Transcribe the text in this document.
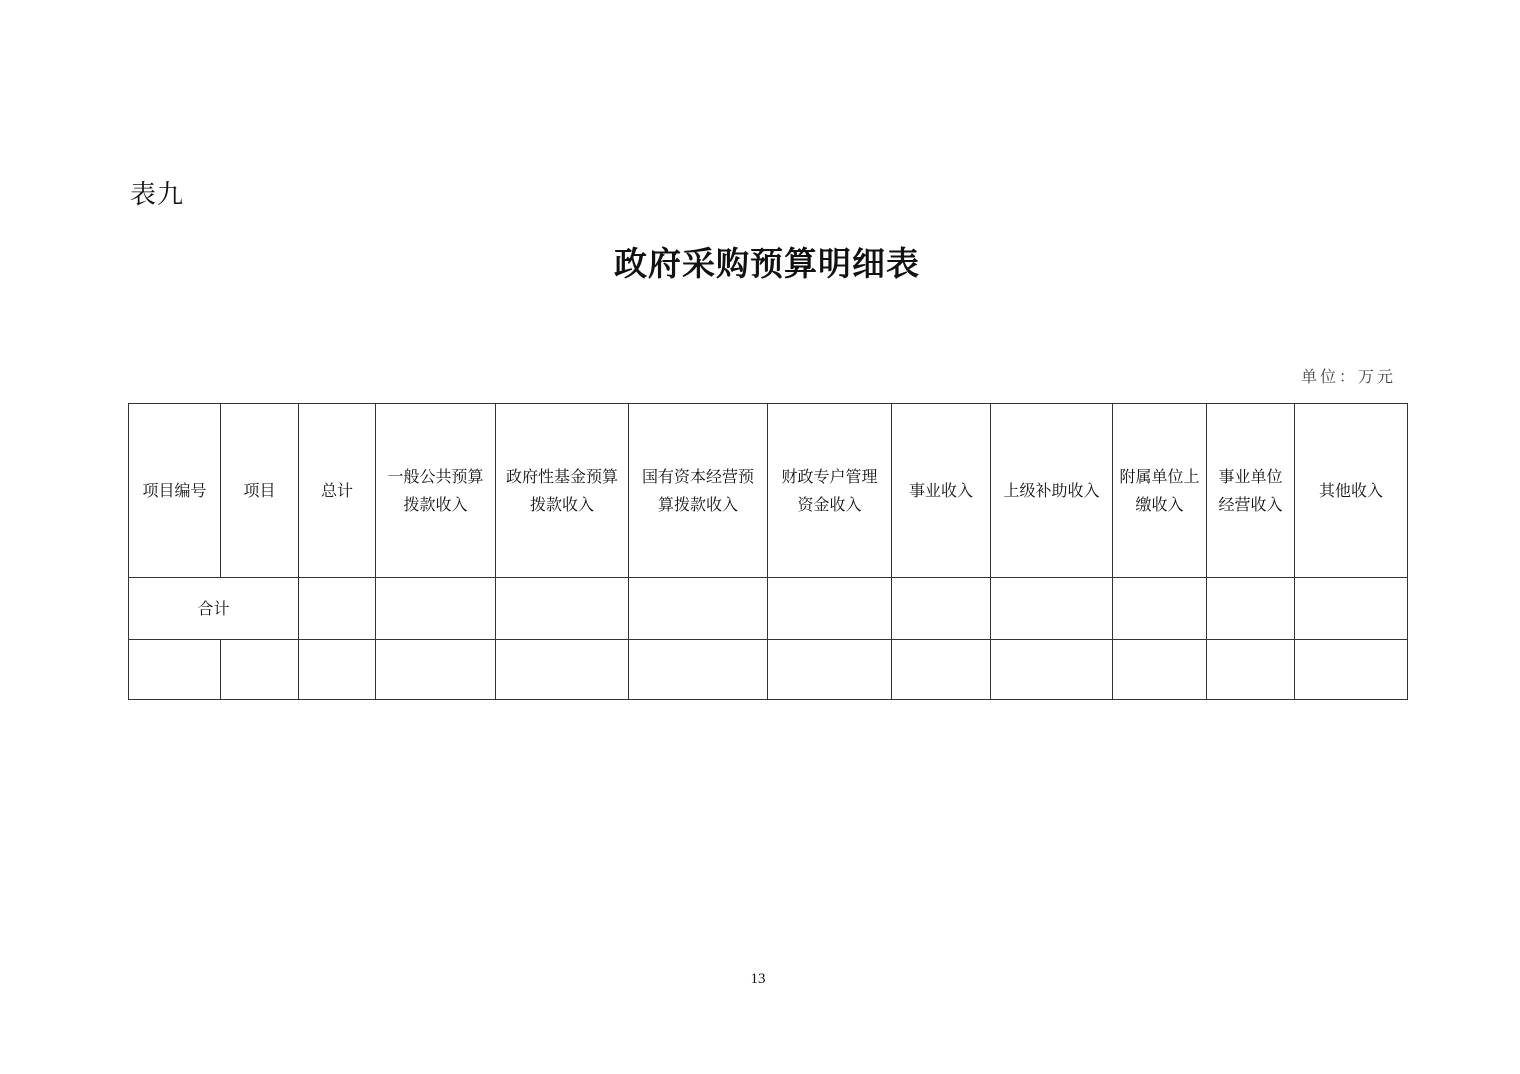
表九
政府采购预算明细表
单位：万元
项目编号	项目	总计	一般公共预算拨款收入	政府性基金预算拨款收入	国有资本经营预算拨款收入	财政专户管理资金收入	事业收入	上级补助收入	附属单位上缴收入	事业单位经营收入	其他收入
合计											

13
